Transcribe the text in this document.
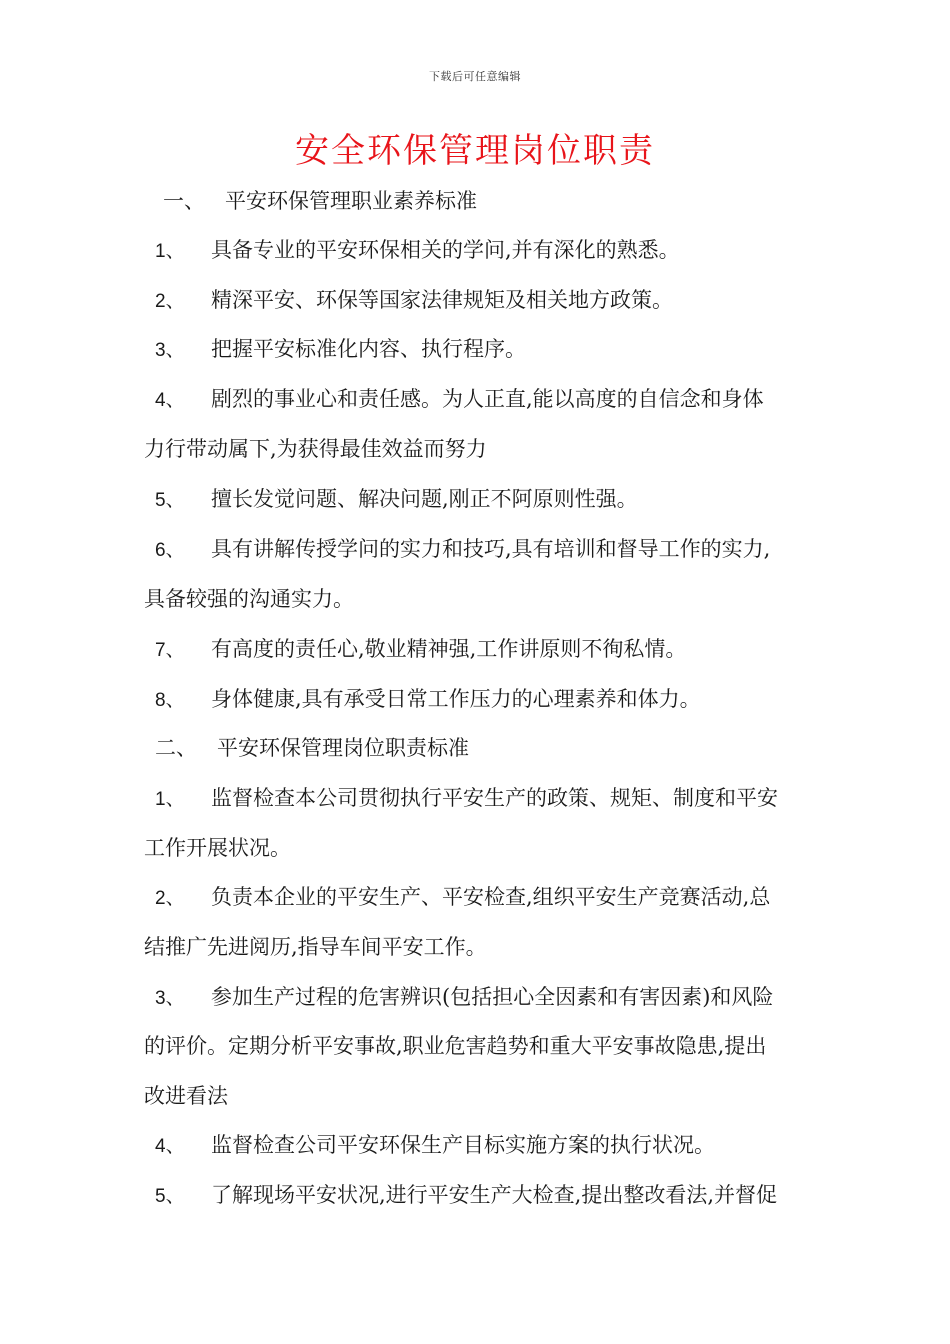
下载后可任意编辑
安全环保管理岗位职责
一、 平安环保管理职业素养标准
1、 具备专业的平安环保相关的学问,并有深化的熟悉。
2、 精深平安、环保等国家法律规矩及相关地方政策。
3、 把握平安标准化内容、执行程序。
4、 剧烈的事业心和责任感。为人正直,能以高度的自信念和身体
力行带动属下,为获得最佳效益而努力
5、 擅长发觉问题、解决问题,刚正不阿原则性强。
6、 具有讲解传授学问的实力和技巧,具有培训和督导工作的实力,
具备较强的沟通实力。
7、 有高度的责任心,敬业精神强,工作讲原则不徇私情。
8、 身体健康,具有承受日常工作压力的心理素养和体力。
二、 平安环保管理岗位职责标准
1、 监督检查本公司贯彻执行平安生产的政策、规矩、制度和平安
工作开展状况。
2、 负责本企业的平安生产、平安检查,组织平安生产竞赛活动,总
结推广先进阅历,指导车间平安工作。
3、 参加生产过程的危害辨识(包括担心全因素和有害因素)和风险
的评价。定期分析平安事故,职业危害趋势和重大平安事故隐患,提出
改进看法
4、 监督检查公司平安环保生产目标实施方案的执行状况。
5、 了解现场平安状况,进行平安生产大检查,提出整改看法,并督促
